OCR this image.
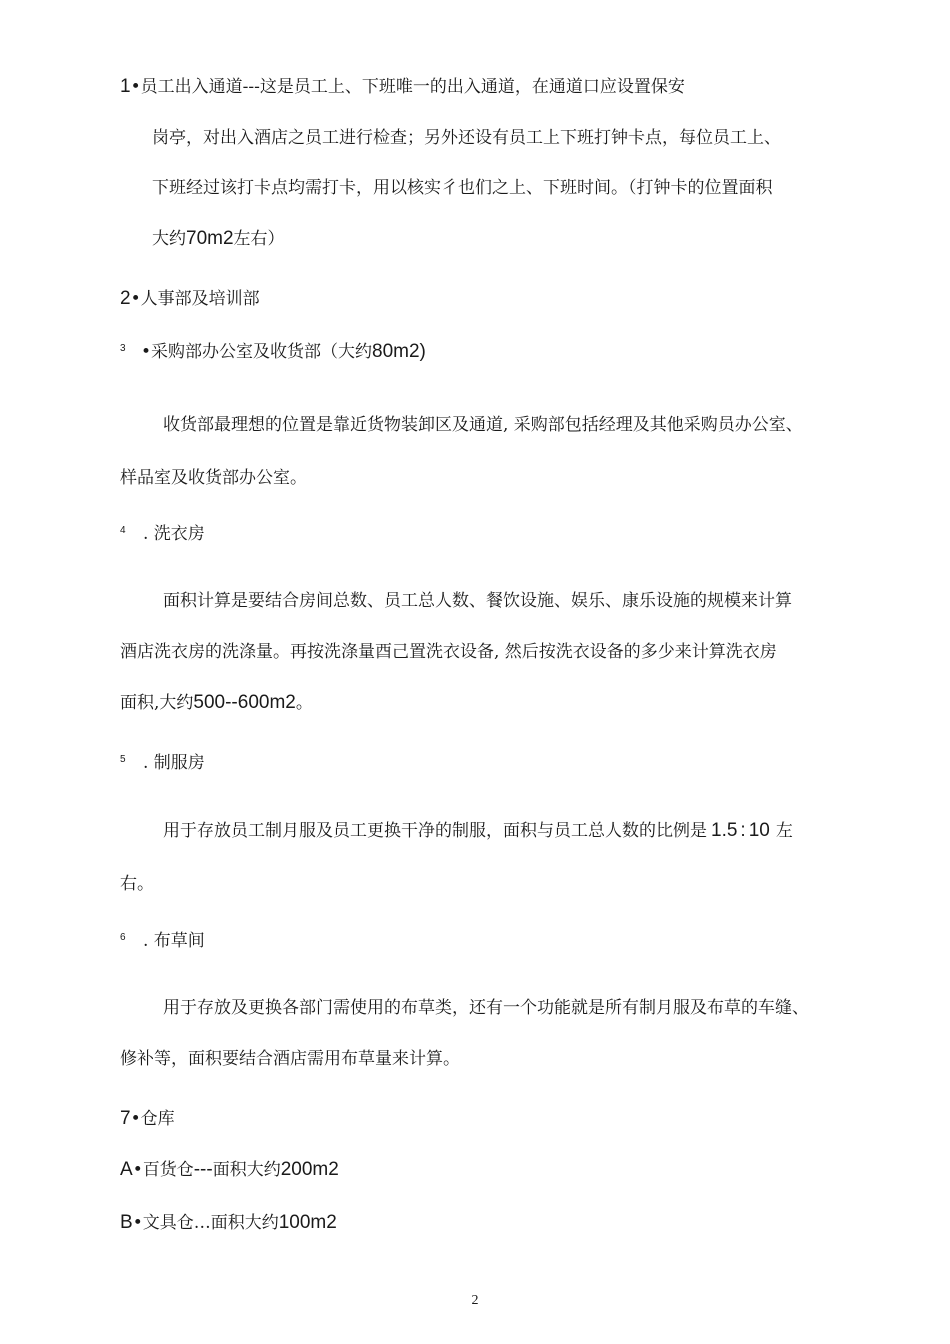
1•员工出入通道---这是员工上、下班唯一的出入通道，在通道口应设置保安
岗亭，对出入酒店之员工进行检查；另外还设有员工上下班打钟卡点，每位员工上、
下班经过该打卡点均需打卡，用以核实彳也们之上、下班时间。（打钟卡的位置面积
大约70m2左右）
2•人事部及培训部
3 •采购部办公室及收货部（大约80m2)
收货部最理想的位置是靠近货物装卸区及通道, 采购部包括经理及其他采购员办公室、
样品室及收货部办公室。
4 . 洗衣房
面积计算是要结合房间总数、员工总人数、餐饮设施、娱乐、康乐设施的规模来计算
酒店洗衣房的洗涤量。再按洗涤量酉己置洗衣设备, 然后按洗衣设备的多少来计算洗衣房
面积,大约500--600m2。
5 . 制服房
用于存放员工制月服及员工更换干净的制服，面积与员工总人数的比例是 1.5 : 10 左
右。
6 . 布草间
用于存放及更换各部门需使用的布草类，还有一个功能就是所有制月服及布草的车缝、
修补等，面积要结合酒店需用布草量来计算。
7•仓库
A•百货仓---面积大约200m2
B•文具仓…面积大约100m2
2
